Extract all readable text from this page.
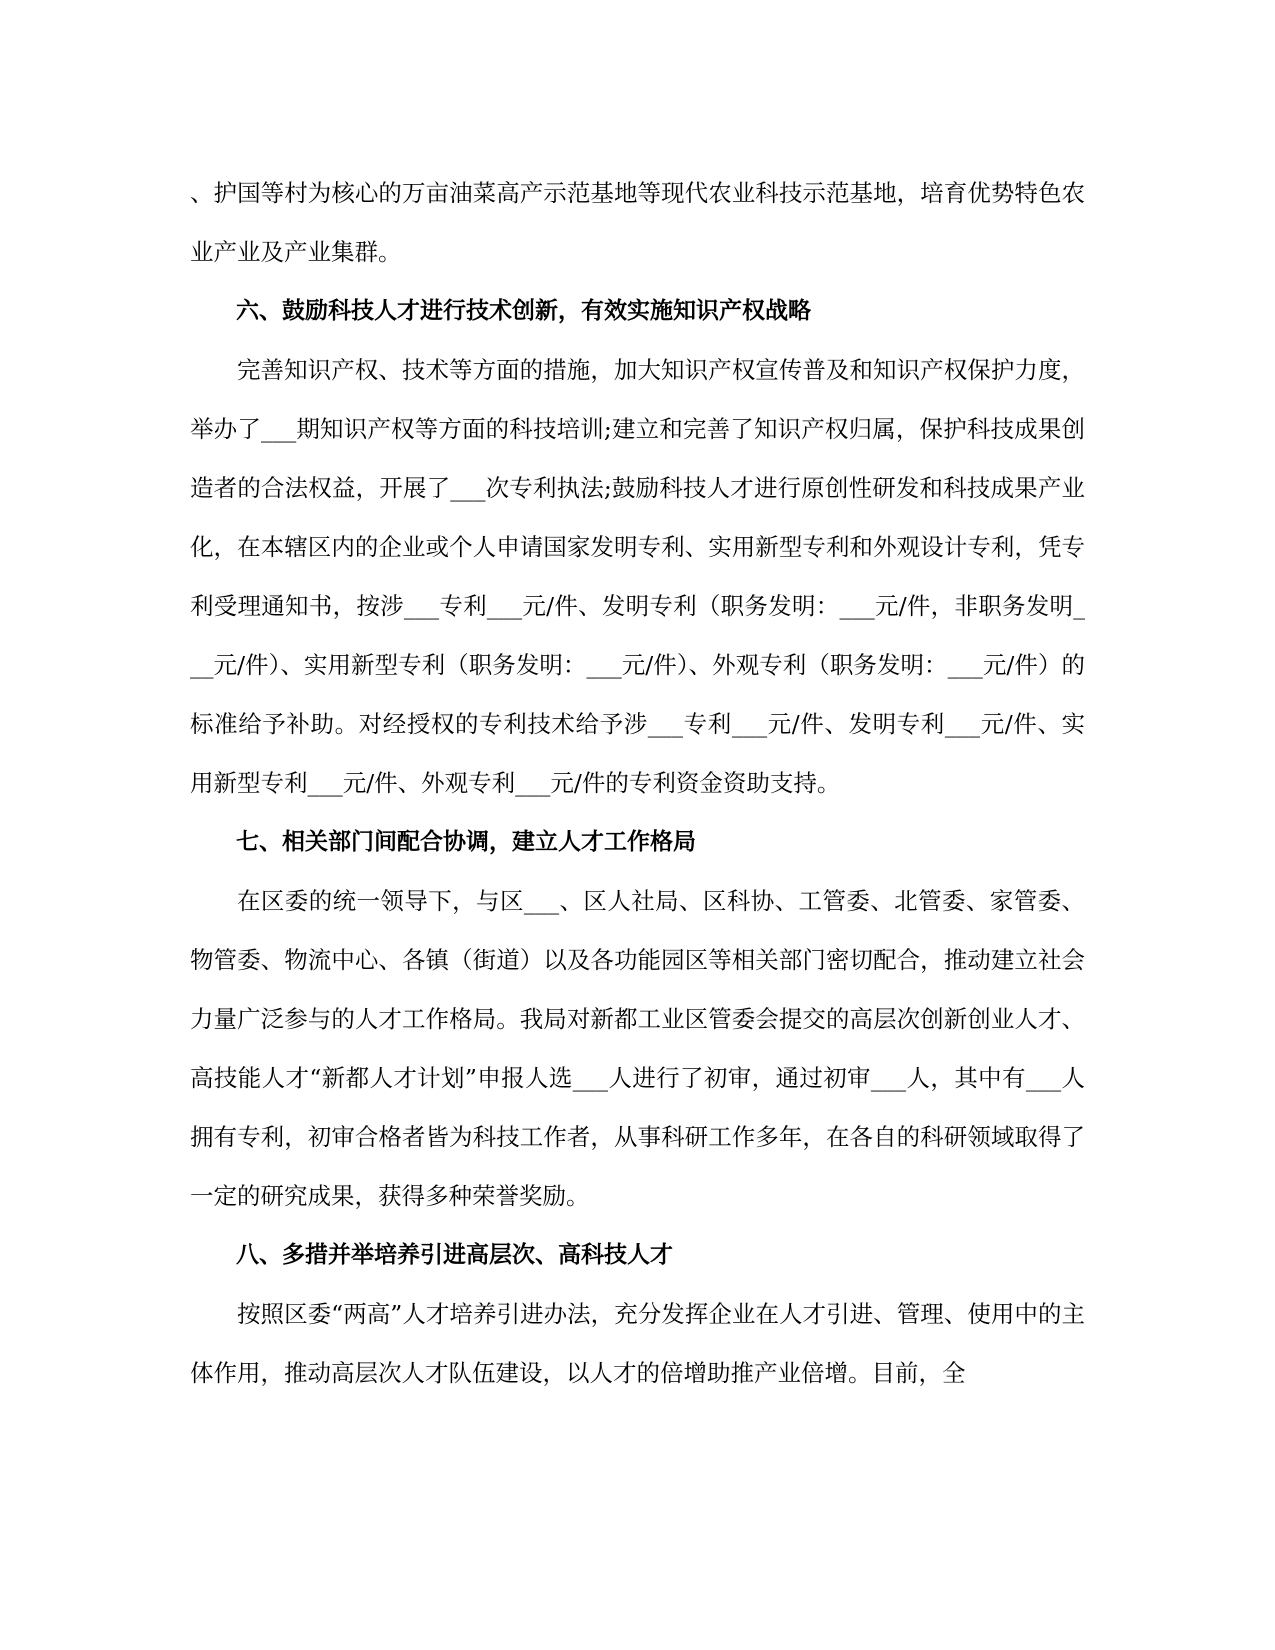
、护国等村为核心的万亩油菜高产示范基地等现代农业科技示范基地，培育优势特色农业产业及产业集群。

六、鼓励科技人才进行技术创新，有效实施知识产权战略

完善知识产权、技术等方面的措施，加大知识产权宣传普及和知识产权保护力度，举办了___期知识产权等方面的科技培训;建立和完善了知识产权归属，保护科技成果创造者的合法权益，开展了___次专利执法;鼓励科技人才进行原创性研发和科技成果产业化，在本辖区内的企业或个人申请国家发明专利、实用新型专利和外观设计专利，凭专利受理通知书，按涉___专利___元/件、发明专利（职务发明：___元/件，非职务发明___元/件）、实用新型专利（职务发明：___元/件）、外观专利（职务发明：___元/件）的标准给予补助。对经授权的专利技术给予涉___专利___元/件、发明专利___元/件、实用新型专利___元/件、外观专利___元/件的专利资金资助支持。

七、相关部门间配合协调，建立人才工作格局

在区委的统一领导下，与区___、区人社局、区科协、工管委、北管委、家管委、物管委、物流中心、各镇（街道）以及各功能园区等相关部门密切配合，推动建立社会力量广泛参与的人才工作格局。我局对新都工业区管委会提交的高层次创新创业人才、高技能人才“新都人才计划”申报人选___人进行了初审，通过初审___人，其中有___人拥有专利，初审合格者皆为科技工作者，从事科研工作多年，在各自的科研领域取得了一定的研究成果，获得多种荣誉奖励。

八、多措并举培养引进高层次、高科技人才

按照区委“两高”人才培养引进办法，充分发挥企业在人才引进、管理、使用中的主体作用，推动高层次人才队伍建设，以人才的倍增助推产业倍增。目前，全
